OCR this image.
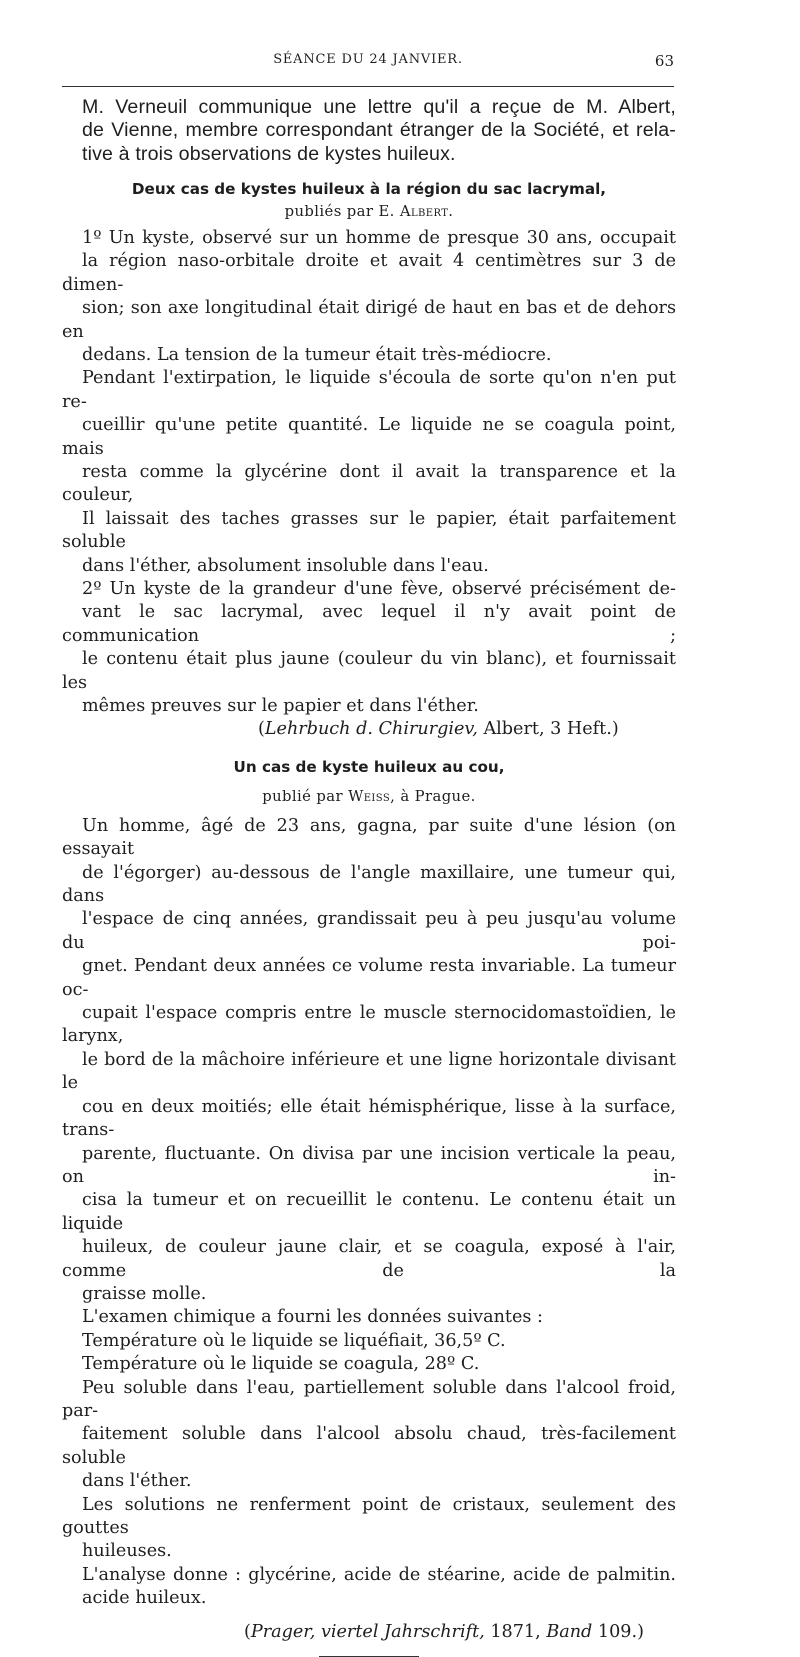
SÉANCE DU 24 JANVIER.	63

M. Verneuil communique une lettre qu'il a reçue de M. Albert,
de Vienne, membre correspondant étranger de la Société, et rela-
tive à trois observations de kystes huileux.

Deux cas de kystes huileux à la région du sac lacrymal,
publiés par E. Albert.

1º Un kyste, observé sur un homme de presque 30 ans, occupait
la région naso-orbitale droite et avait 4 centimètres sur 3 de dimen-
sion; son axe longitudinal était dirigé de haut en bas et de dehors en
dedans. La tension de la tumeur était très-médiocre.

Pendant l'extirpation, le liquide s'écoula de sorte qu'on n'en put re-
cueillir qu'une petite quantité. Le liquide ne se coagula point, mais
resta comme la glycérine dont il avait la transparence et la couleur,
Il laissait des taches grasses sur le papier, était parfaitement soluble
dans l'éther, absolument insoluble dans l'eau.

2º Un kyste de la grandeur d'une fève, observé précisément de-
vant le sac lacrymal, avec lequel il n'y avait point de communication ;
le contenu était plus jaune (couleur du vin blanc), et fournissait les
mêmes preuves sur le papier et dans l'éther.

(Lehrbuch d. Chirurgiev, Albert, 3 Heft.)

Un cas de kyste huileux au cou,
publié par Weiss, à Prague.

Un homme, âgé de 23 ans, gagna, par suite d'une lésion (on essayait
de l'égorger) au-dessous de l'angle maxillaire, une tumeur qui, dans
l'espace de cinq années, grandissait peu à peu jusqu'au volume du poi-
gnet. Pendant deux années ce volume resta invariable. La tumeur oc-
cupait l'espace compris entre le muscle sternocidomastoïdien, le larynx,
le bord de la mâchoire inférieure et une ligne horizontale divisant le
cou en deux moitiés; elle était hémisphérique, lisse à la surface, trans-
parente, fluctuante. On divisa par une incision verticale la peau, on in-
cisa la tumeur et on recueillit le contenu. Le contenu était un liquide
huileux, de couleur jaune clair, et se coagula, exposé à l'air, comme de la
graisse molle.

L'examen chimique a fourni les données suivantes :
Température où le liquide se liquéfiait, 36,5º C.
Température où le liquide se coagula, 28º C.

Peu soluble dans l'eau, partiellement soluble dans l'alcool froid, par-
faitement soluble dans l'alcool absolu chaud, très-facilement soluble
dans l'éther.

Les solutions ne renferment point de cristaux, seulement des gouttes
huileuses.

L'analyse donne : glycérine, acide de stéarine, acide de palmitin.
acide huileux.

(Prager, viertel Jahrschrift, 1871, Band 109.)
